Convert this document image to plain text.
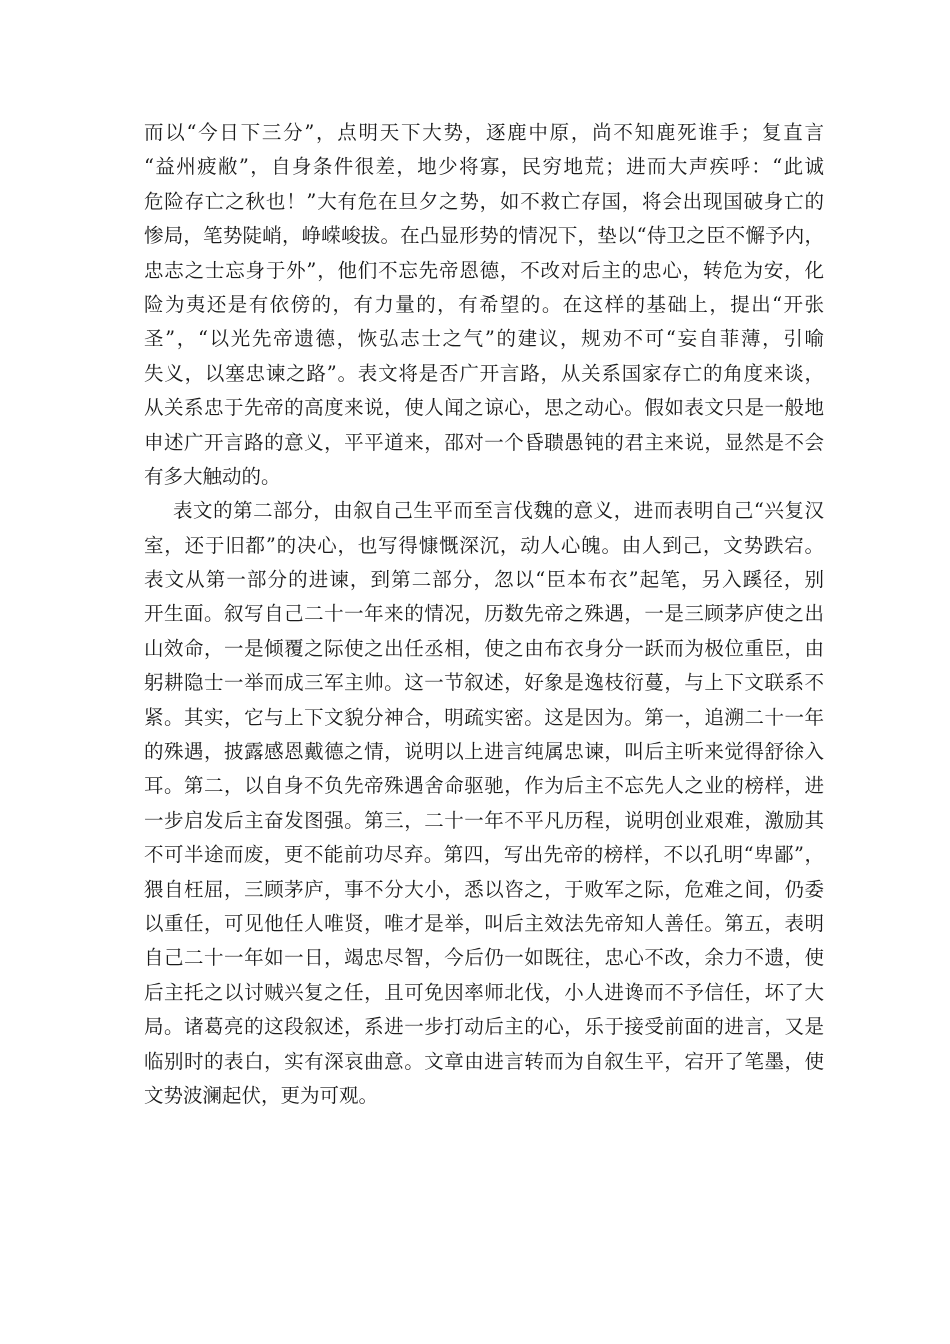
而以“今日下三分”，点明天下大势，逐鹿中原，尚不知鹿死谁手；复直言
“益州疲敝”，自身条件很差，地少将寡，民穷地荒；进而大声疾呼：“此诚
危险存亡之秋也！”大有危在旦夕之势，如不救亡存国，将会出现国破身亡的
惨局，笔势陡峭，峥嵘峻拔。在凸显形势的情况下，垫以“侍卫之臣不懈予内，
忠志之士忘身于外”，他们不忘先帝恩德，不改对后主的忠心，转危为安，化
险为夷还是有依傍的，有力量的，有希望的。在这样的基础上，提出“开张
圣”，“以光先帝遗德，恢弘志士之气”的建议，规劝不可“妄自菲薄，引喻
失义，以塞忠谏之路”。表文将是否广开言路，从关系国家存亡的角度来谈，
从关系忠于先帝的高度来说，使人闻之谅心，思之动心。假如表文只是一般地
申述广开言路的意义，平平道来，邵对一个昏聩愚钝的君主来说，显然是不会
有多大触动的。
表文的第二部分，由叙自己生平而至言伐魏的意义，进而表明自己“兴复汉
室，还于旧都”的决心，也写得慷慨深沉，动人心魄。由人到己，文势跌宕。
表文从第一部分的进谏，到第二部分，忽以“臣本布衣”起笔，另入蹊径，别
开生面。叙写自己二十一年来的情况，历数先帝之殊遇，一是三顾茅庐使之出
山效命，一是倾覆之际使之出任丞相，使之由布衣身分一跃而为极位重臣，由
躬耕隐士一举而成三军主帅。这一节叙述，好象是逸枝衍蔓，与上下文联系不
紧。其实，它与上下文貌分神合，明疏实密。这是因为。第一，追溯二十一年
的殊遇，披露感恩戴德之情，说明以上进言纯属忠谏，叫后主听来觉得舒徐入
耳。第二，以自身不负先帝殊遇舍命驱驰，作为后主不忘先人之业的榜样，进
一步启发后主奋发图强。第三，二十一年不平凡历程，说明创业艰难，激励其
不可半途而废，更不能前功尽弃。第四，写出先帝的榜样，不以孔明“卑鄙”，
猥自枉屈，三顾茅庐，事不分大小，悉以咨之，于败军之际，危难之间，仍委
以重任，可见他任人唯贤，唯才是举，叫后主效法先帝知人善任。第五，表明
自己二十一年如一日，竭忠尽智，今后仍一如既往，忠心不改，余力不遗，使
后主托之以讨贼兴复之任，且可免因率师北伐，小人进谗而不予信任，坏了大
局。诸葛亮的这段叙述，系进一步打动后主的心，乐于接受前面的进言，又是
临别时的表白，实有深哀曲意。文章由进言转而为自叙生平，宕开了笔墨，使
文势波澜起伏，更为可观。
